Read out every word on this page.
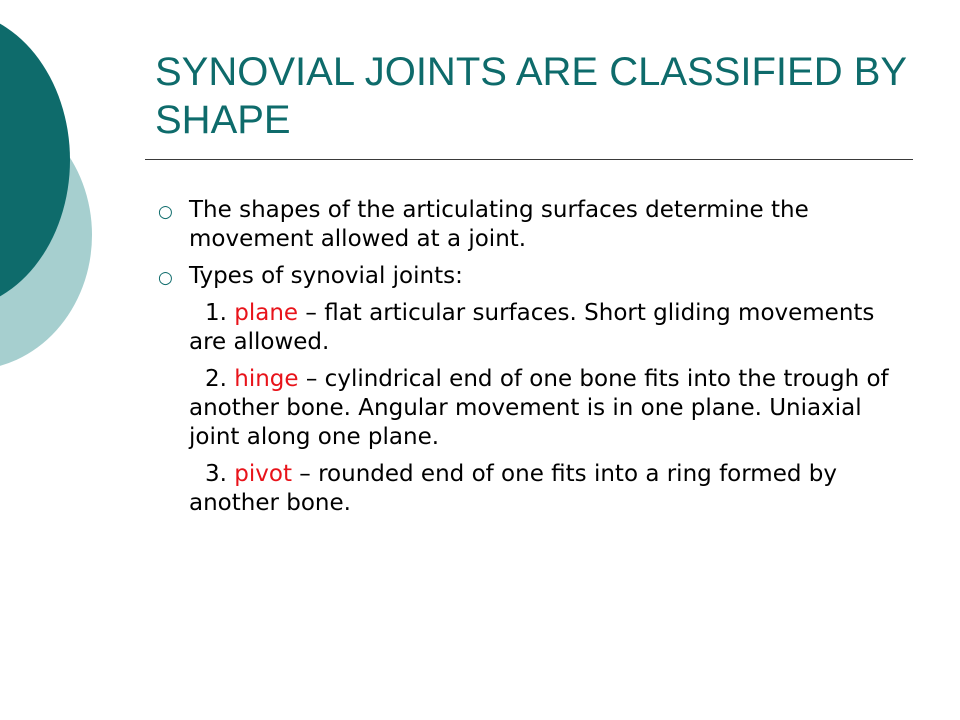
SYNOVIAL JOINTS ARE CLASSIFIED BY SHAPE
○ The shapes of the articulating surfaces determine the movement allowed at a joint.
○ Types of synovial joints:
1. plane – flat articular surfaces. Short gliding movements are allowed.
2. hinge – cylindrical end of one bone fits into the trough of another bone. Angular movement is in one plane. Uniaxial joint along one plane.
3. pivot – rounded end of one fits into a ring formed by another bone.
